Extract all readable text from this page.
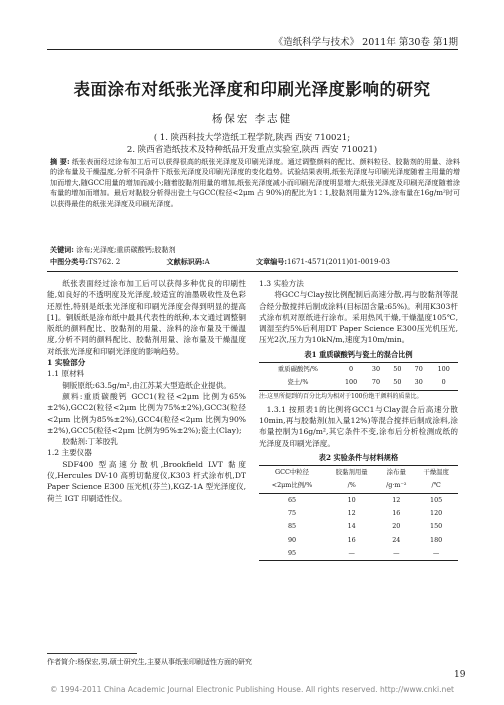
《造纸科学与技术》 2011年 第30卷 第1期
表面涂布对纸张光泽度和印刷光泽度影响的研究
杨保宏 李志健
( 1. 陕西科技大学造纸工程学院,陕西 西安 710021;
2. 陕西省造纸技术及特种纸品开发重点实验室,陕西 西安 710021)
摘 要: 纸张表面经过涂布加工后可以获得很高的纸张光泽度及印刷光泽度。通过调整颜料的配比、颜料粒径、胶黏剂的用量、涂料的涂布量及干燥温度,分析不同条件下纸张光泽度及印刷光泽度的变化趋势。试验结果表明,纸张光泽度与印刷光泽度随着主用量的增加而增大,随GCC用量的增加而减小;随着胶黏剂用量的增加,纸张光泽度减小而印刷光泽度明显增大;纸张光泽度及印刷光泽度随着涂布量的增加而增加。最后对黏胶分析得出瓷土与GCC(粒径<2μm 占 90%)的配比为1∶1,胶黏剂用量为12%,涂布量在16g/m²时可以获得最佳的纸张光泽度及印刷光泽度。
关键词: 涂布;光泽度;重质碳酸钙;胶黏剂
中图分类号:TS762. 2	文献标识码:A	文章编号:1671-4571(2011)01-0019-03

纸张表面经过涂布加工后可以获得多种优良的印刷性能,如良好的不透明度及光泽度,较适宜的油墨吸收性及色彩还原性,特别是纸张光泽度和印刷光泽度会得到明显的提高[1]。铜版纸是涂布纸中最具代表性的纸种,本文通过调整铜版纸的颜料配比、胶黏剂的用量、涂料的涂布量及干燥温度,分析不同的颜料配比、胶黏剂用量、涂布量及干燥温度对纸张光泽度和印刷光泽度的影响趋势。

1 实验部分

1.1 原材料

铜版原纸:63.5g/m²,由江苏某大型造纸企业提供。

颜料:重质碳酸钙 GCC1(粒径<2μm 比例为65%±2%),GCC2(粒径<2μm 比例为75%±2%),GCC3(粒径<2μm 比例为85%±2%),GCC4(粒径<2μm 比例为90%±2%),GCC5(粒径<2μm 比例为95%±2%);瓷土(Clay);

胶黏剂:丁苯胶乳

1.2 主要仪器

SDF400 型高速分散机,Brookfield LVT 黏度仪,Hercules DV-10 高剪切黏度仪,K303 杆式涂布机,DT Paper Science E300 压光机(芬兰),KGZ-1A 型光泽度仪,荷兰 IGT 印刷适性仪。

1.3 实验方法

将GCC与Clay按比例配制后高速分散,再与胶黏剂等混合经分散搅拌后制成涂料(目标固含量:65%)。利用K303杆式涂布机对原纸进行涂布。采用热风干燥,干燥温度105℃,调湿至约5%后利用DT Paper Science E300压光机压光,压光2次,压力为10kN/m,速度为10m/min。

表1 重质碳酸钙与瓷土的混合比例
重质碳酸钙/%	0	30	50	70	100
瓷土/%	100	70	50	30	0
注:这里所提到的百分比均为相对于100份绝干颜料的质量比。

1.3.1 按照表1的比例将GCC1与Clay混合后高速分散10min,再与胶黏剂(加入量12%)等混合搅拌后制成涂料,涂布量控制为16g/m²,其它条件不变,涂布后分析检测成纸的光泽度及印刷光泽度。

表2 实验条件与材料规格
GCC中粒径	胶黏剂用量	涂布量	干燥温度
<2μm比例/%	/%	/g·m⁻²	/℃
65	10	12	105
75	12	16	120
85	14	20	150
90	16	24	180
95	—	—	—
作者简介:杨保宏,男,硕士研究生,主要从事纸张印刷适性方面的研究
19
© 1994-2011 China Academic Journal Electronic Publishing House. All rights reserved. http://www.cnki.net
